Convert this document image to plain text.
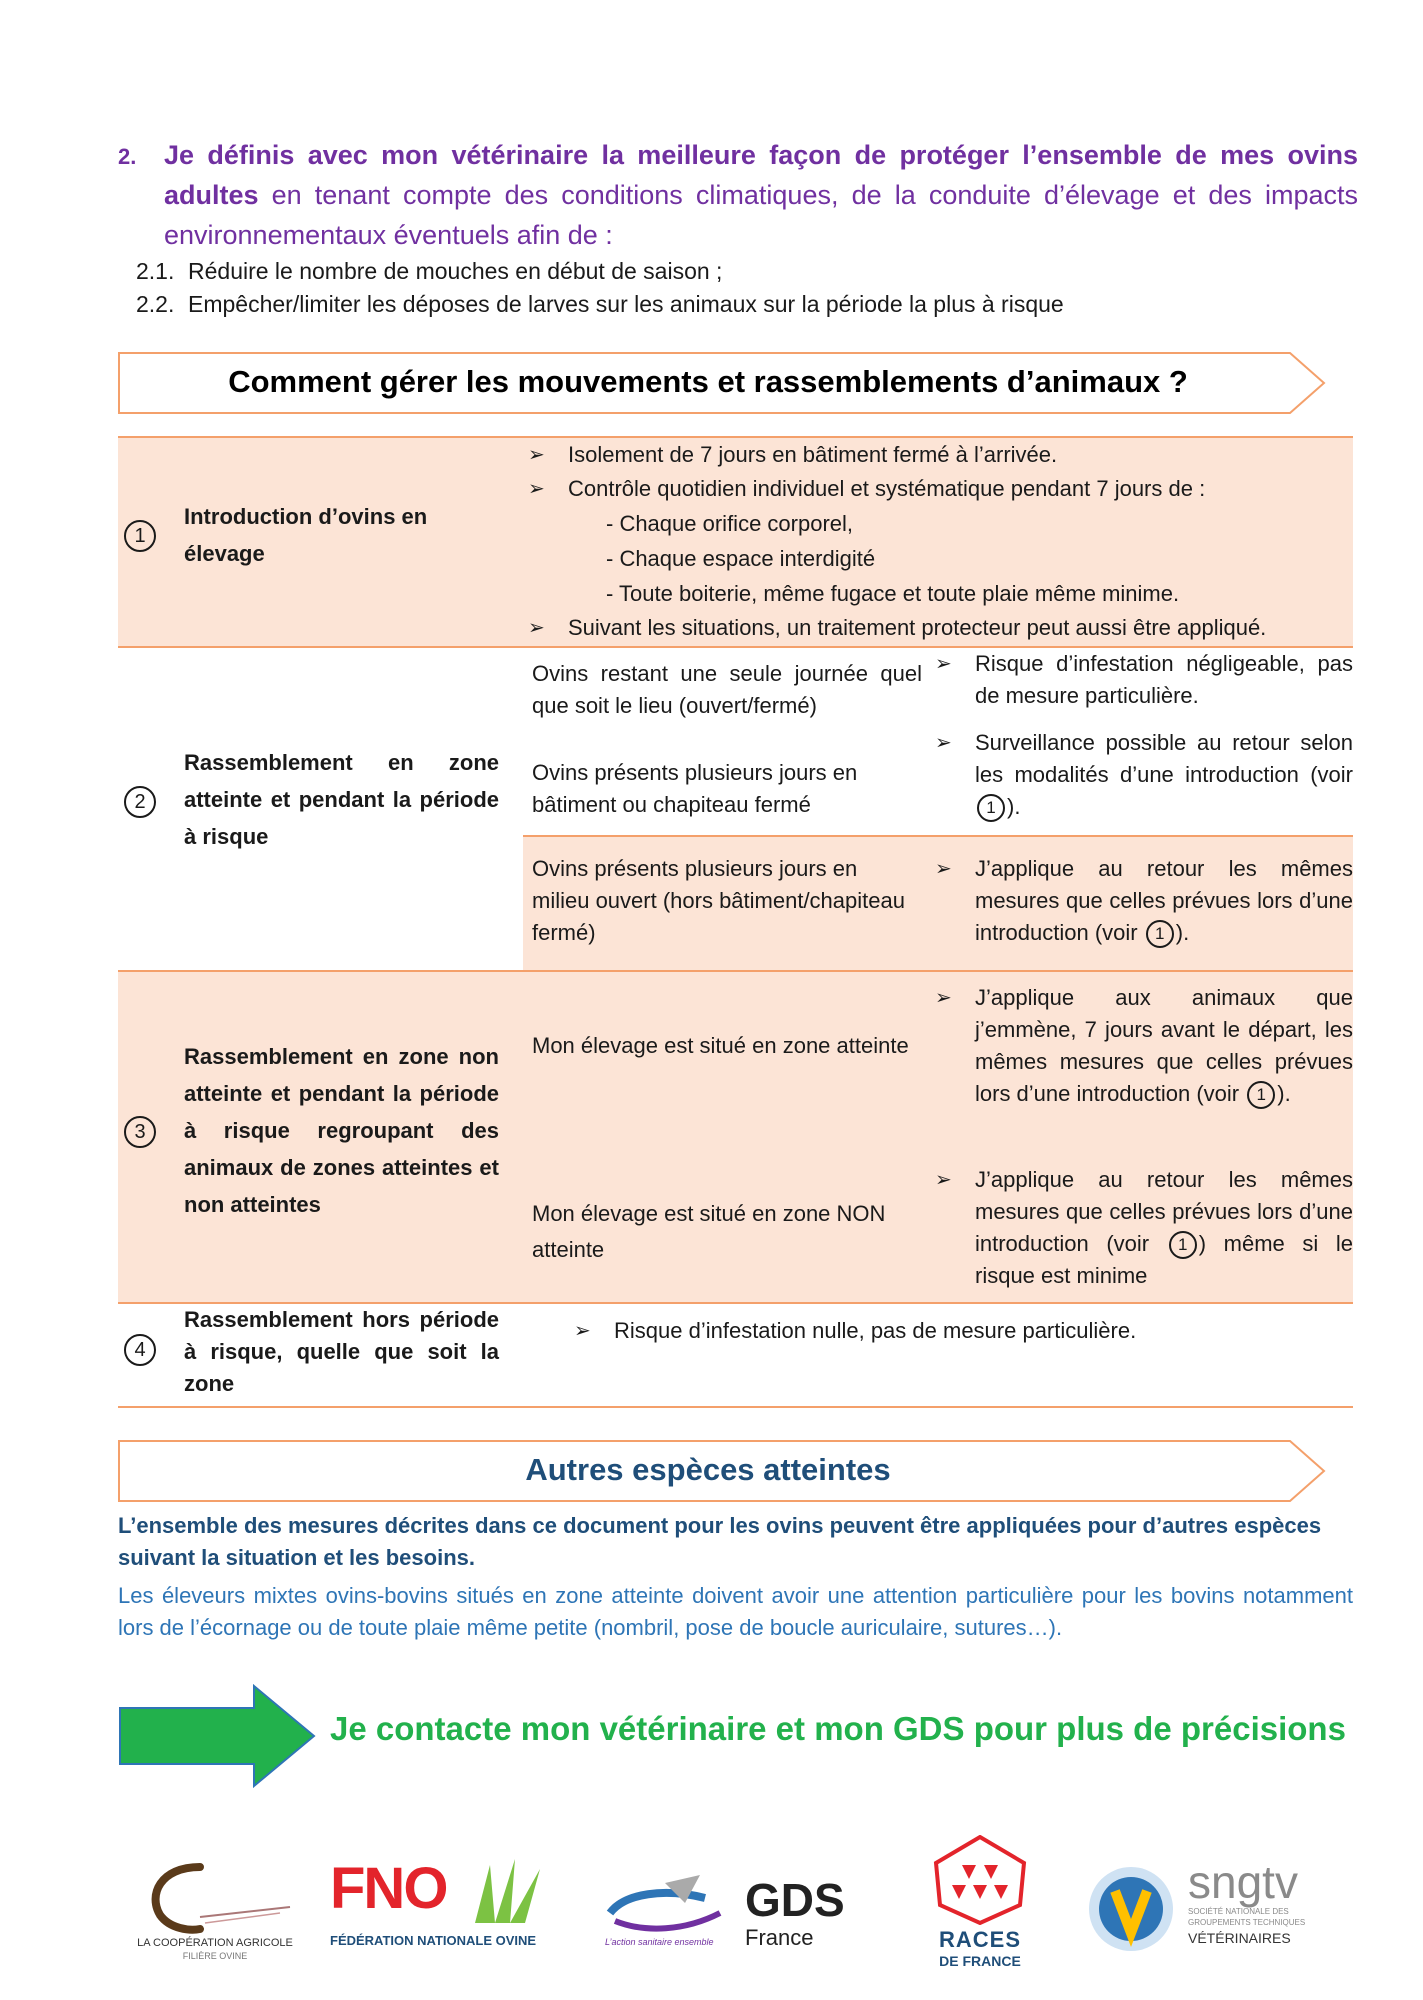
2. Je définis avec mon vétérinaire la meilleure façon de protéger l’ensemble de mes ovins adultes en tenant compte des conditions climatiques, de la conduite d’élevage et des impacts environnementaux éventuels afin de :
2.1. Réduire le nombre de mouches en début de saison ;
2.2. Empêcher/limiter les déposes de larves sur les animaux sur la période la plus à risque
Comment gérer les mouvements et rassemblements d’animaux ?
1
Introduction d’ovins en élevage
➢ Isolement de 7 jours en bâtiment fermé à l’arrivée.
➢ Contrôle quotidien individuel et systématique pendant 7 jours de :
- Chaque orifice corporel,
- Chaque espace interdigité
- Toute boiterie, même fugace et toute plaie même minime.
➢ Suivant les situations, un traitement protecteur peut aussi être appliqué.
2
Rassemblement en zone atteinte et pendant la période à risque
Ovins restant une seule journée quel que soit le lieu (ouvert/fermé)
Ovins présents plusieurs jours en bâtiment ou chapiteau fermé
➢ Risque d’infestation négligeable, pas de mesure particulière.
➢ Surveillance possible au retour selon les modalités d’une introduction (voir 1 ).
Ovins présents plusieurs jours en milieu ouvert (hors bâtiment/chapiteau fermé)
➢ J’applique au retour les mêmes mesures que celles prévues lors d’une introduction (voir 1 ).
3
Rassemblement en zone non atteinte et pendant la période à risque regroupant des animaux de zones atteintes et non atteintes
Mon élevage est situé en zone atteinte
Mon élevage est situé en zone NON atteinte
➢ J’applique aux animaux que j’emmène, 7 jours avant le départ, les mêmes mesures que celles prévues lors d’une introduction (voir 1 ).
➢ J’applique au retour les mêmes mesures que celles prévues lors d’une introduction (voir 1 ) même si le risque est minime
4
Rassemblement hors période à risque, quelle que soit la zone
➢ Risque d’infestation nulle, pas de mesure particulière.
Autres espèces atteintes
L’ensemble des mesures décrites dans ce document pour les ovins peuvent être appliquées pour d’autres espèces suivant la situation et les besoins.
Les éleveurs mixtes ovins-bovins situés en zone atteinte doivent avoir une attention particulière pour les bovins notamment lors de l’écornage ou de toute plaie même petite (nombril, pose de boucle auriculaire, sutures…).
Je contacte mon vétérinaire et mon GDS pour plus de précisions
LA COOPÉRATION AGRICOLE
FILIÈRE OVINE
FNO
FÉDÉRATION NATIONALE OVINE
GDS
France
L’action sanitaire ensemble	RACES
DE FRANCE
sngtv
SOCIÉTÉ NATIONALE DES
GROUPEMENTS TECHNIQUES
VÉTÉRINAIRES
